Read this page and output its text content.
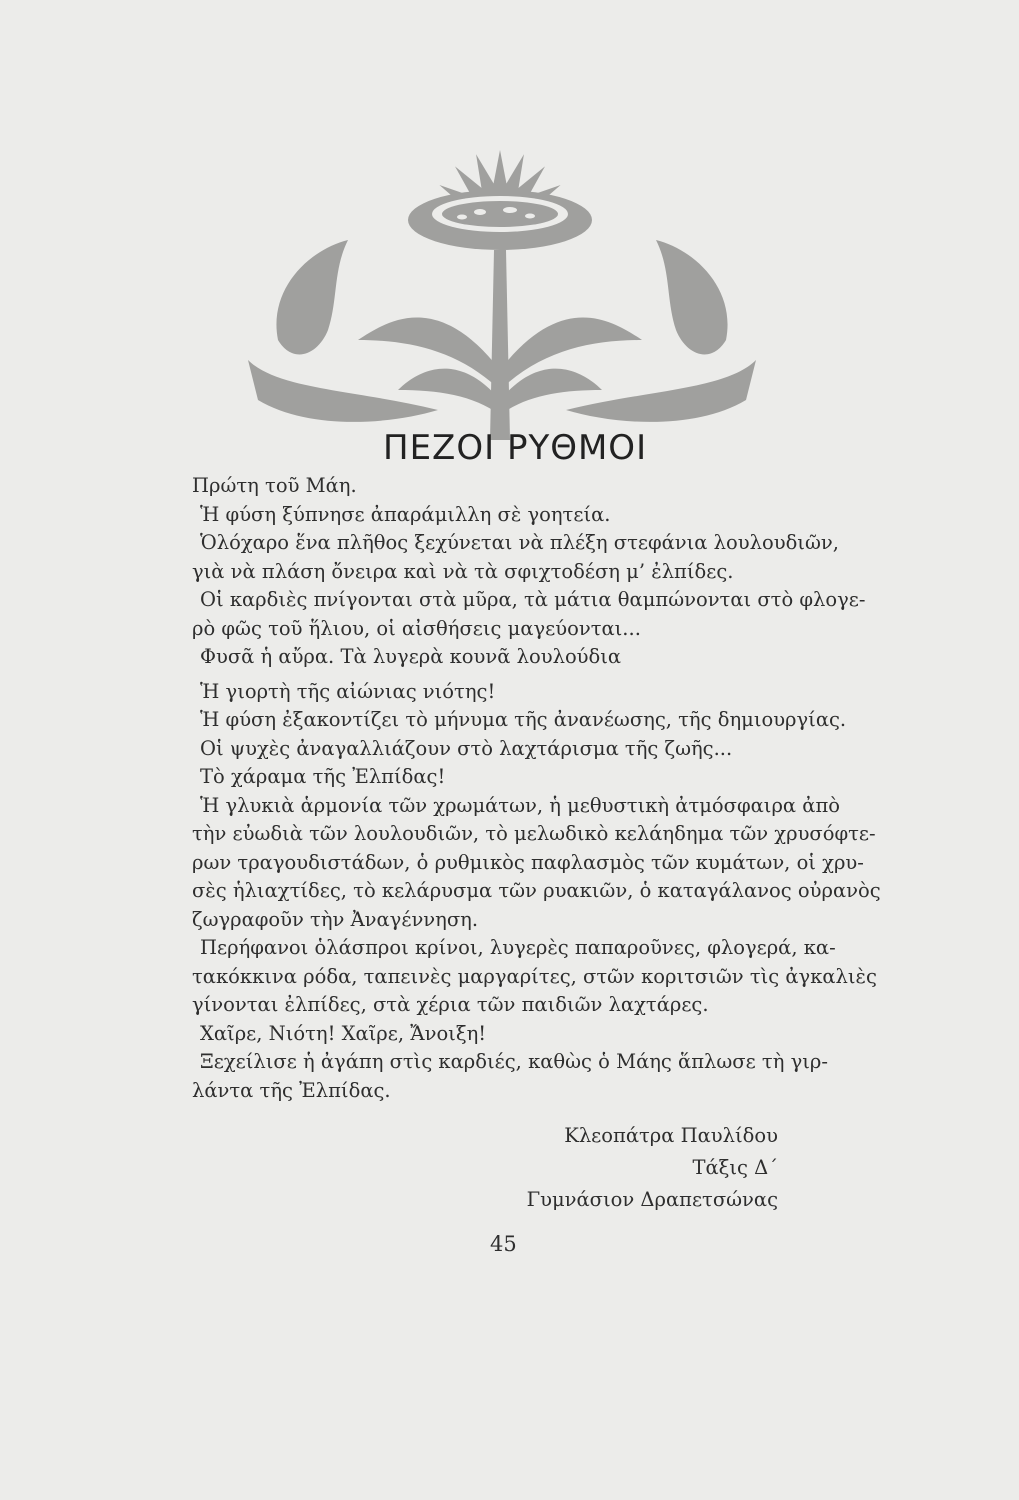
ΠΕΖΟΙ ΡΥΘΜΟΙ
Πρώτη τοῦ Μάη.
Ἡ φύση ξύπνησε ἀπαράμιλλη σὲ γοητεία.
Ὁλόχαρο ἕνα πλῆθος ξεχύνεται νὰ πλέξη στεφάνια λουλουδιῶν,
γιὰ νὰ πλάση ὄνειρα καὶ νὰ τὰ σφιχτοδέση μ’ ἐλπίδες.
Οἱ καρδιὲς πνίγονται στὰ μῦρα, τὰ μάτια θαμπώνονται στὸ φλογε-
ρὸ φῶς τοῦ ἥλιου, οἱ αἰσθήσεις μαγεύονται...
Φυσᾶ ἡ αὔρα. Τὰ λυγερὰ κουνᾶ λουλούδια
Ἡ γιορτὴ τῆς αἰώνιας νιότης!
Ἡ φύση ἐξακοντίζει τὸ μήνυμα τῆς ἀνανέωσης, τῆς δημιουργίας.
Οἱ ψυχὲς ἀναγαλλιάζουν στὸ λαχτάρισμα τῆς ζωῆς...
Τὸ χάραμα τῆς Ἐλπίδας!
Ἡ γλυκιὰ ἁρμονία τῶν χρωμάτων, ἡ μεθυστικὴ ἀτμόσφαιρα ἀπὸ
τὴν εὐωδιὰ τῶν λουλουδιῶν, τὸ μελωδικὸ κελάηδημα τῶν χρυσόφτε-
ρων τραγουδιστάδων, ὁ ρυθμικὸς παφλασμὸς τῶν κυμάτων, οἱ χρυ-
σὲς ἡλιαχτίδες, τὸ κελάρυσμα τῶν ρυακιῶν, ὁ καταγάλανος οὐρανὸς
ζωγραφοῦν τὴν Ἀναγέννηση.
Περήφανοι ὁλάσπροι κρίνοι, λυγερὲς παπαροῦνες, φλογερά, κα-
τακόκκινα ρόδα, ταπεινὲς μαργαρίτες, στῶν κοριτσιῶν τὶς ἀγκαλιὲς
γίνονται ἐλπίδες, στὰ χέρια τῶν παιδιῶν λαχτάρες.
Χαῖρε, Νιότη! Χαῖρε, Ἄνοιξη!
Ξεχείλισε ἡ ἀγάπη στὶς καρδιές, καθὼς ὁ Μάης ἅπλωσε τὴ γιρ-
λάντα τῆς Ἐλπίδας.
Κλεοπάτρα Παυλίδου
Τάξις Δ΄
Γυμνάσιον Δραπετσώνας
45
